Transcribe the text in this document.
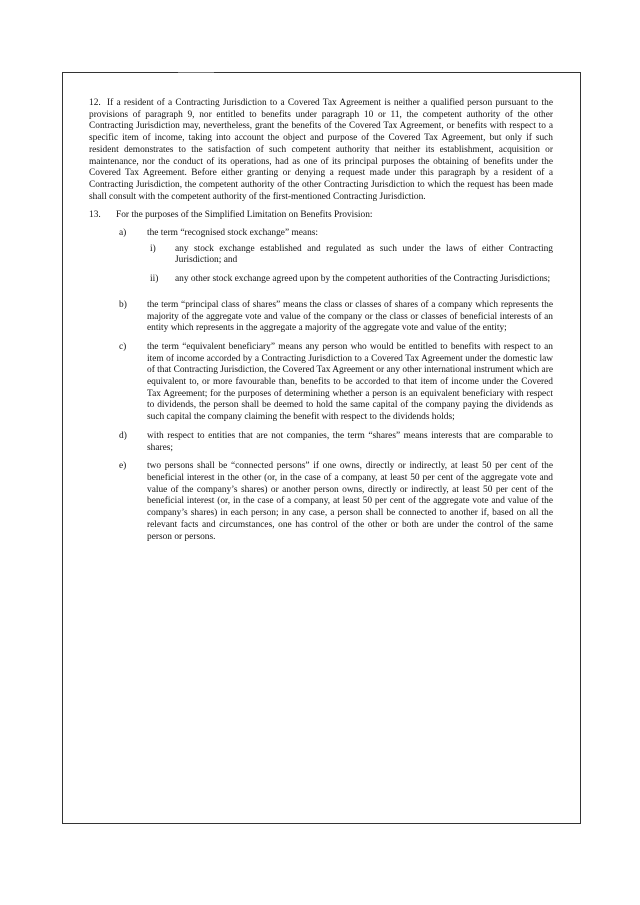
12. If a resident of a Contracting Jurisdiction to a Covered Tax Agreement is neither a qualified person pursuant to the provisions of paragraph 9, nor entitled to benefits under paragraph 10 or 11, the competent authority of the other Contracting Jurisdiction may, nevertheless, grant the benefits of the Covered Tax Agreement, or benefits with respect to a specific item of income, taking into account the object and purpose of the Covered Tax Agreement, but only if such resident demonstrates to the satisfaction of such competent authority that neither its establishment, acquisition or maintenance, nor the conduct of its operations, had as one of its principal purposes the obtaining of benefits under the Covered Tax Agreement. Before either granting or denying a request made under this paragraph by a resident of a Contracting Jurisdiction, the competent authority of the other Contracting Jurisdiction to which the request has been made shall consult with the competent authority of the first-mentioned Contracting Jurisdiction.

13.	For the purposes of the Simplified Limitation on Benefits Provision:
a)	the term “recognised stock exchange” means:
i)	any stock exchange established and regulated as such under the laws of either Contracting Jurisdiction; and
ii)	any other stock exchange agreed upon by the competent authorities of the Contracting Jurisdictions;
b)	the term “principal class of shares” means the class or classes of shares of a company which represents the majority of the aggregate vote and value of the company or the class or classes of beneficial interests of an entity which represents in the aggregate a majority of the aggregate vote and value of the entity;
c)	the term “equivalent beneficiary” means any person who would be entitled to benefits with respect to an item of income accorded by a Contracting Jurisdiction to a Covered Tax Agreement under the domestic law of that Contracting Jurisdiction, the Covered Tax Agreement or any other international instrument which are equivalent to, or more favourable than, benefits to be accorded to that item of income under the Covered Tax Agreement; for the purposes of determining whether a person is an equivalent beneficiary with respect to dividends, the person shall be deemed to hold the same capital of the company paying the dividends as such capital the company claiming the benefit with respect to the dividends holds;
d)	with respect to entities that are not companies, the term “shares” means interests that are comparable to shares;
e)	two persons shall be “connected persons” if one owns, directly or indirectly, at least 50 per cent of the beneficial interest in the other (or, in the case of a company, at least 50 per cent of the aggregate vote and value of the company’s shares) or another person owns, directly or indirectly, at least 50 per cent of the beneficial interest (or, in the case of a company, at least 50 per cent of the aggregate vote and value of the company’s shares) in each person; in any case, a person shall be connected to another if, based on all the relevant facts and circumstances, one has control of the other or both are under the control of the same person or persons.
